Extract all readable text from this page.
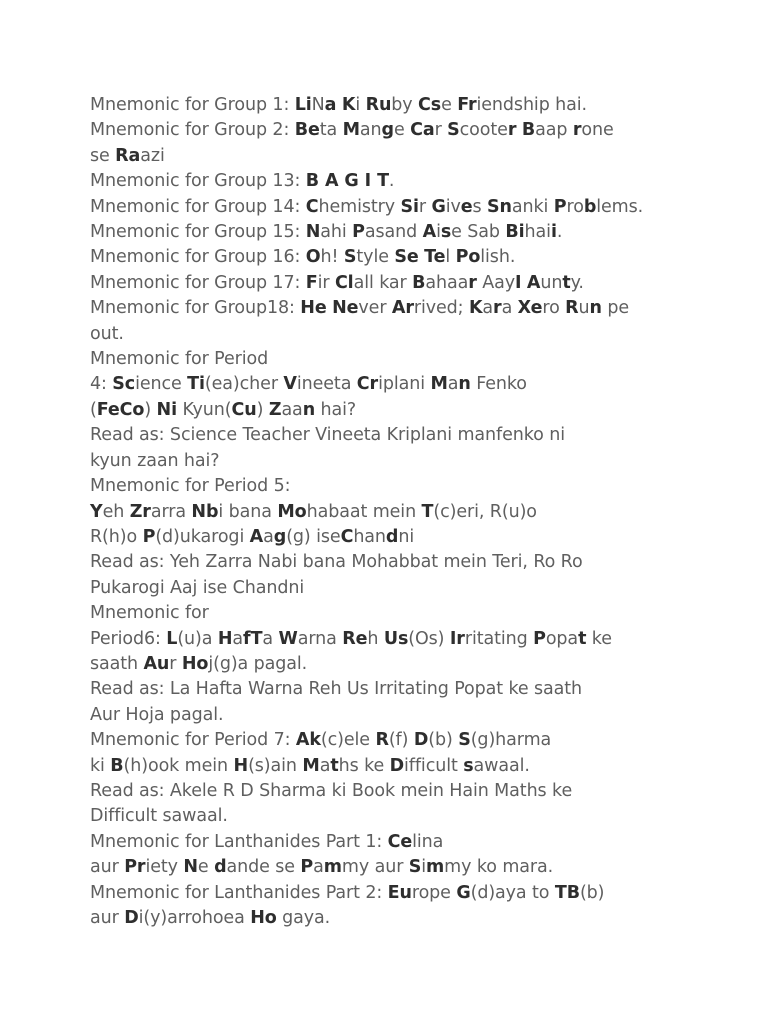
Mnemonic for Group 1: LiNa Ki Ruby Cse Friendship hai.
Mnemonic for Group 2: Beta Mange Car Scooter Baap rone
se Raazi
Mnemonic for Group 13: B A G I T.
Mnemonic for Group 14: Chemistry Sir Gives Snanki Problems.
Mnemonic for Group 15: Nahi Pasand Aise Sab Bihaii.
Mnemonic for Group 16: Oh! Style Se Tel Polish.
Mnemonic for Group 17: Fir Clall kar Bahaar AayI Aunty.
Mnemonic for Group18: He Never Arrived; Kara Xero Run pe
out.
Mnemonic for Period
4: Science Ti(ea)cher Vineeta Criplani Man Fenko
(FeCo) Ni Kyun(Cu) Zaan hai?
Read as: Science Teacher Vineeta Kriplani manfenko ni
kyun zaan hai?
Mnemonic for Period 5:
Yeh Zrarra Nbi bana Mohabaat mein T(c)eri, R(u)o
R(h)o P(d)ukarogi Aag(g) iseChandni
Read as: Yeh Zarra Nabi bana Mohabbat mein Teri, Ro Ro
Pukarogi Aaj ise Chandni
Mnemonic for
Period6: L(u)a HafTa Warna Reh Us(Os) Irritating Popat ke
saath Aur Hoj(g)a pagal.
Read as: La Hafta Warna Reh Us Irritating Popat ke saath
Aur Hoja pagal.
Mnemonic for Period 7: Ak(c)ele R(f) D(b) S(g)harma
ki B(h)ook mein H(s)ain Maths ke Difficult sawaal.
Read as: Akele R D Sharma ki Book mein Hain Maths ke
Difficult sawaal.
Mnemonic for Lanthanides Part 1: Celina
aur Priety Ne dande se Pammy aur Simmy ko mara.
Mnemonic for Lanthanides Part 2: Europe G(d)aya to TB(b)
aur Di(y)arrohoea Ho gaya.
